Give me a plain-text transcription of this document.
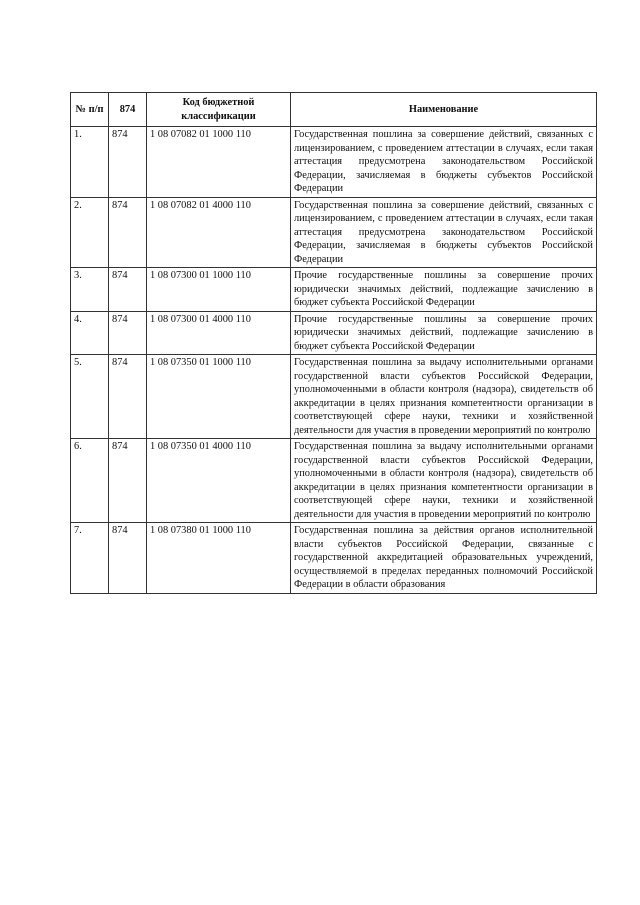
№ п/п	874	Код бюджетной классификации	Наименование
1.	874	1 08 07082 01 1000 110	Государственная пошлина за совершение действий, связанных с лицензированием, с проведением аттестации в случаях, если такая аттестация предусмотрена законодательством Российской Федерации, зачисляемая в бюджеты субъектов Российской Федерации
2.	874	1 08 07082 01 4000 110	Государственная пошлина за совершение действий, связанных с лицензированием, с проведением аттестации в случаях, если такая аттестация предусмотрена законодательством Российской Федерации, зачисляемая в бюджеты субъектов Российской Федерации
3.	874	1 08 07300 01 1000 110	Прочие государственные пошлины за совершение прочих юридически значимых действий, подлежащие зачислению в бюджет субъекта Российской Федерации
4.	874	1 08 07300 01 4000 110	Прочие государственные пошлины за совершение прочих юридически значимых действий, подлежащие зачислению в бюджет субъекта Российской Федерации
5.	874	1 08 07350 01 1000 110	Государственная пошлина за выдачу исполнительными органами государственной власти субъектов Российской Федерации, уполномоченными в области контроля (надзора), свидетельств об аккредитации в целях признания компетентности организации в соответствующей сфере науки, техники и хозяйственной деятельности для участия в проведении мероприятий по контролю
6.	874	1 08 07350 01 4000 110	Государственная пошлина за выдачу исполнительными органами государственной власти субъектов Российской Федерации, уполномоченными в области контроля (надзора), свидетельств об аккредитации в целях признания компетентности организации в соответствующей сфере науки, техники и хозяйственной деятельности для участия в проведении мероприятий по контролю
7.	874	1 08 07380 01 1000 110	Государственная пошлина за действия органов исполнительной власти субъектов Российской Федерации, связанные с государственной аккредитацией образовательных учреждений, осуществляемой в пределах переданных полномочий Российской Федерации в области образования
